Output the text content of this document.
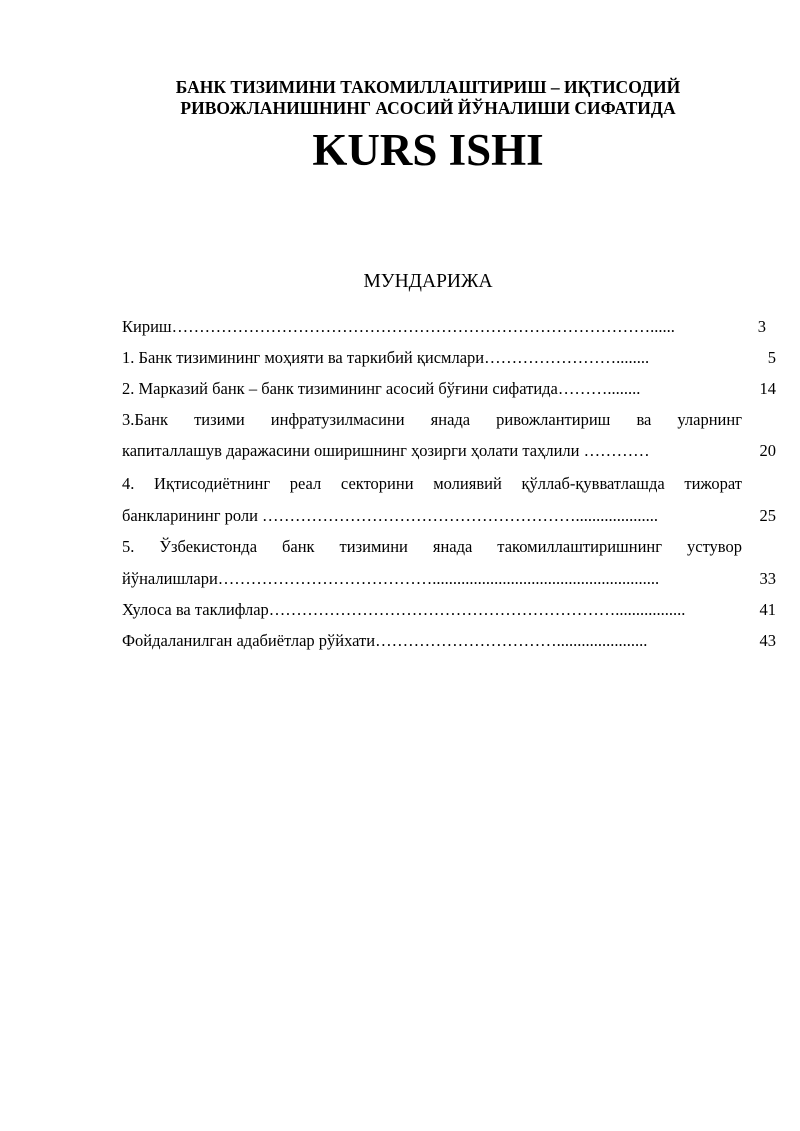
БАНК ТИЗИМИНИ ТАКОМИЛЛАШТИРИШ – ИҚТИСОДИЙ
РИВОЖЛАНИШНИНГ АСОСИЙ ЙЎНАЛИШИ СИФАТИДА
KURS ISHI
МУНДАРИЖА
Кириш……………………………………………………………………………......	3
1. Банк тизимининг моҳияти ва таркибий қисмлари……………………........	5
2. Марказий банк – банк тизимининг асосий бўғини сифатида………........	14
3.Банк тизими инфратузилмасини янада ривожлантириш ва уларнинг
капиталлашув даражасини оширишнинг ҳозирги ҳолати таҳлили …………	20
4. Иқтисодиётнинг реал секторини молиявий қўллаб-қувватлашда тижорат
банкларининг роли …………………………………………………....................	25
5. Ўзбекистонда банк тизимини янада такомиллаштиришнинг устувор
йўналишлари………………………………….......................................................	33
Хулоса ва таклифлар……………………………………………………….................	41
Фойдаланилган адабиётлар рўйхати……………………………......................	43
